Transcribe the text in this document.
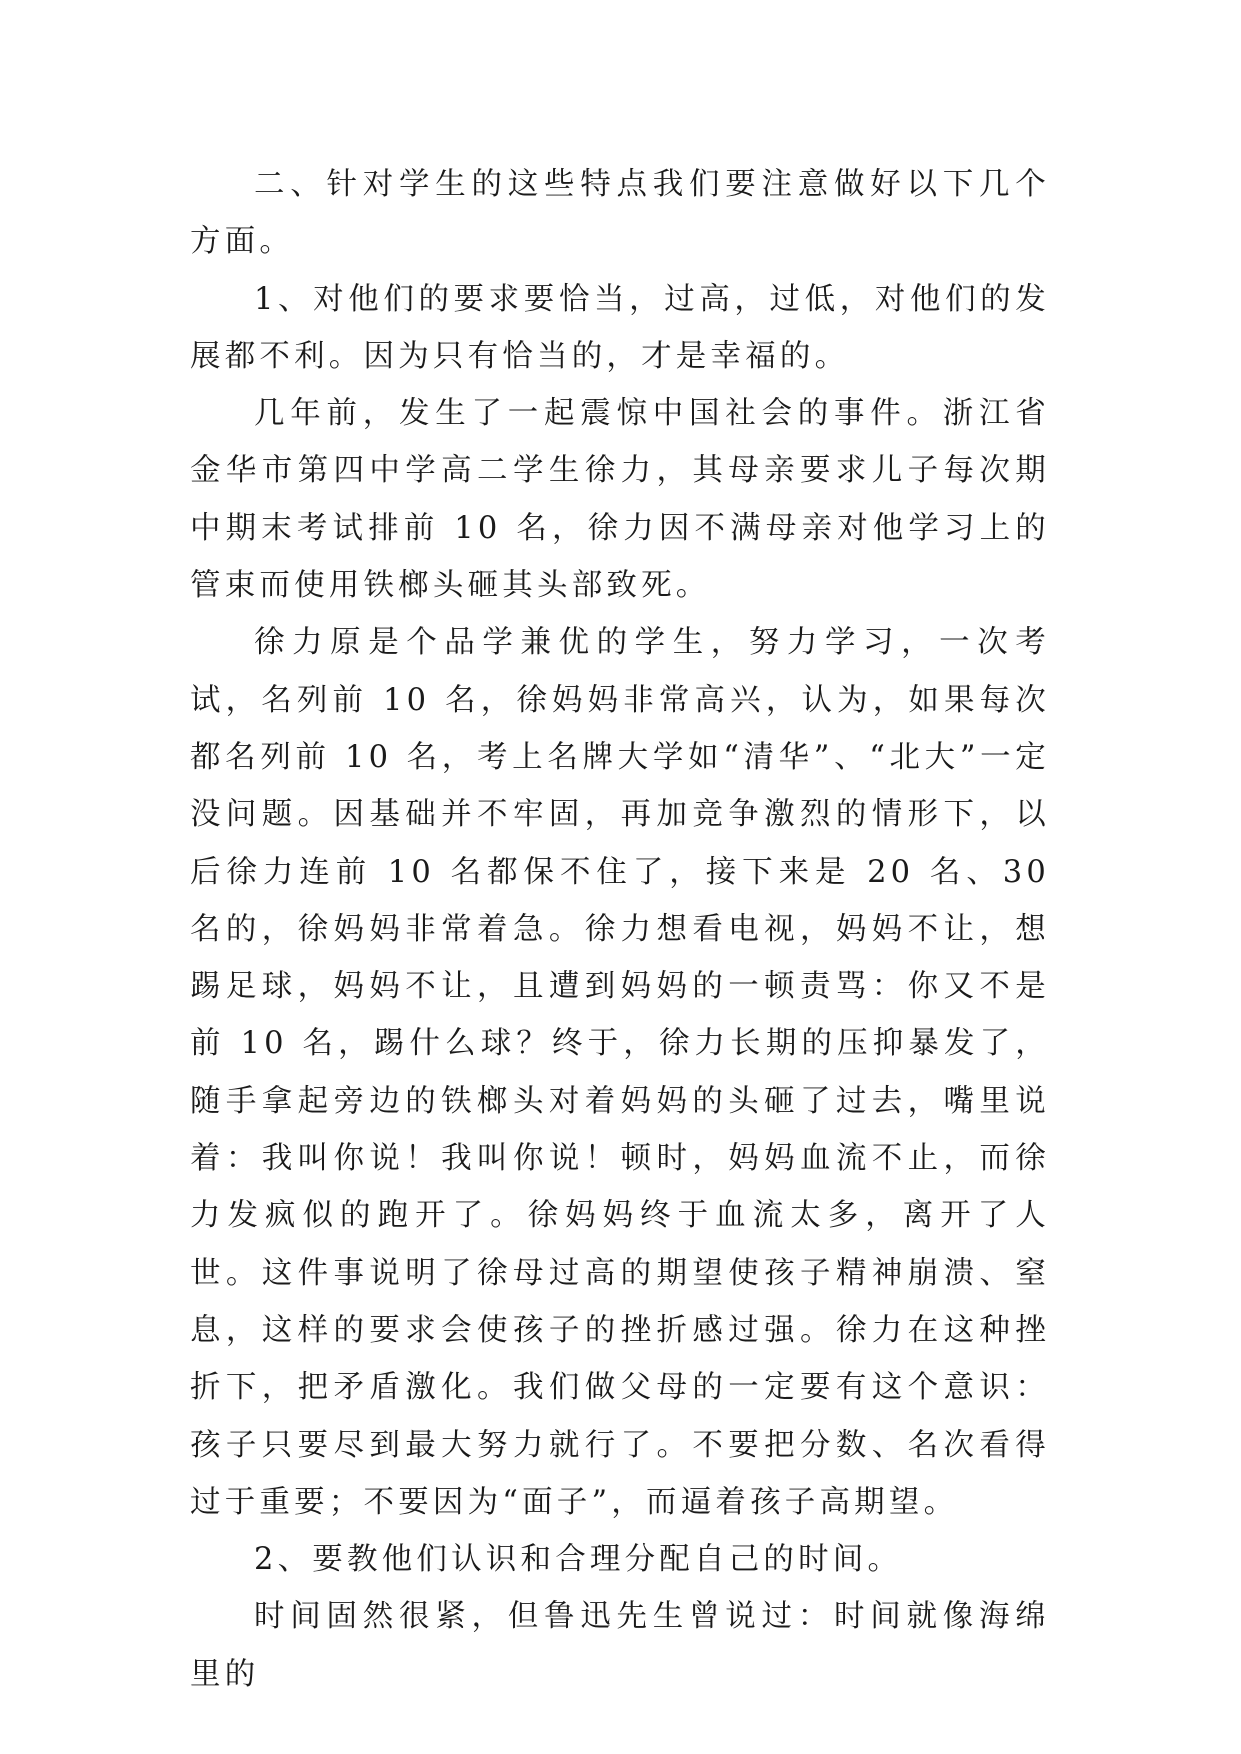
二、针对学生的这些特点我们要注意做好以下几个方面。

1、对他们的要求要恰当，过高，过低，对他们的发展都不利。因为只有恰当的，才是幸福的。

几年前，发生了一起震惊中国社会的事件。浙江省金华市第四中学高二学生徐力，其母亲要求儿子每次期中期末考试排前 10 名，徐力因不满母亲对他学习上的管束而使用铁榔头砸其头部致死。

徐力原是个品学兼优的学生，努力学习，一次考试，名列前 10 名，徐妈妈非常高兴，认为，如果每次都名列前 10 名，考上名牌大学如“清华”、“北大”一定没问题。因基础并不牢固，再加竞争激烈的情形下，以后徐力连前 10 名都保不住了，接下来是 20 名、30 名的，徐妈妈非常着急。徐力想看电视，妈妈不让，想踢足球，妈妈不让，且遭到妈妈的一顿责骂：你又不是前 10 名，踢什么球？终于，徐力长期的压抑暴发了，随手拿起旁边的铁榔头对着妈妈的头砸了过去，嘴里说着：我叫你说！我叫你说！顿时，妈妈血流不止，而徐力发疯似的跑开了。徐妈妈终于血流太多，离开了人世。这件事说明了徐母过高的期望使孩子精神崩溃、窒息，这样的要求会使孩子的挫折感过强。徐力在这种挫折下，把矛盾激化。我们做父母的一定要有这个意识：孩子只要尽到最大努力就行了。不要把分数、名次看得过于重要；不要因为“面子”，而逼着孩子高期望。

2、要教他们认识和合理分配自己的时间。

时间固然很紧，但鲁迅先生曾说过：时间就像海绵里的
